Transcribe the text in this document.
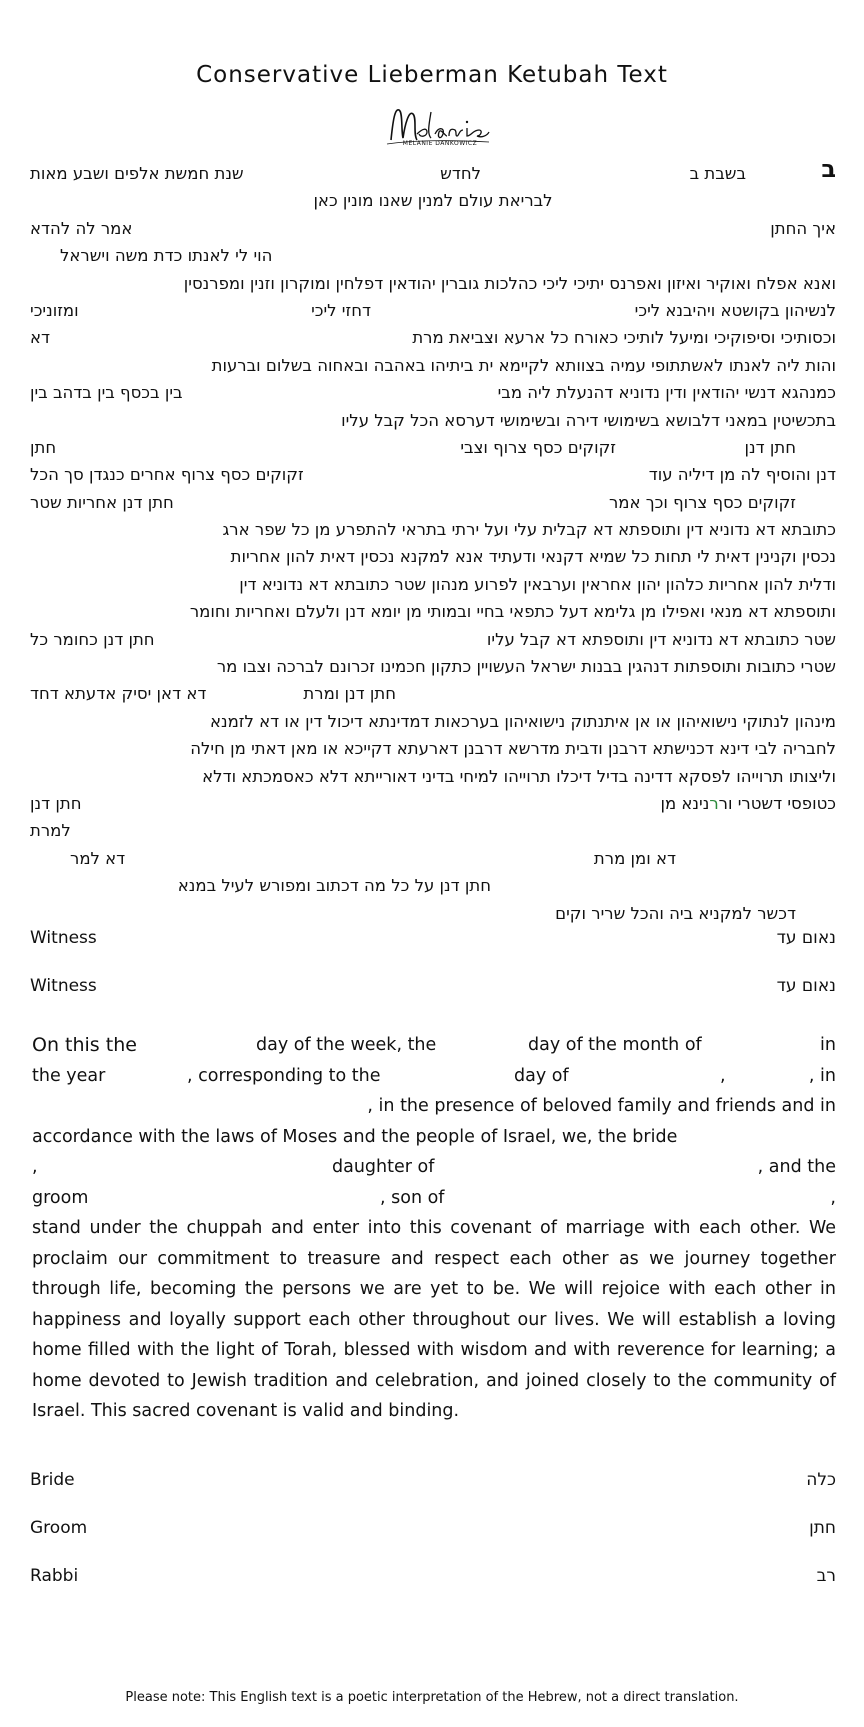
Conservative Lieberman Ketubah Text
MELANIE DANKOWICZ
ב
בשבת ב
לחדש
שנת חמשת אלפים ושבע מאות
לבריאת עולם למנין שאנו מונין כאן
איך החתן
אמר לה להדא
הוי לי לאנתו כדת משה וישראל
ואנא אפלח ואוקיר ואיזון ואפרנס יתיכי ליכי כהלכות גוברין יהודאין דפלחין ומוקרון וזנין ומפרנסין
לנשיהון בקושטא ויהיבנא ליכי
דחזי ליכי
ומזוניכי
וכסותיכי וסיפוקיכי ומיעל לותיכי כאורח כל ארעא וצביאת מרת
דא
והות ליה לאנתו לאשתתופי עמיה בצוותא לקיימא ית ביתיהו באהבה ובאחוה בשלום וברעות
כמנהגא דנשי יהודאין ודין נדוניא דהנעלת ליה מבי
בין בכסף בין בדהב בין
בתכשיטין במאני דלבושא בשימושי דירה ובשימושי דערסא הכל קבל עליו
חתן דנן
זקוקים כסף צרוף וצבי
חתן
דנן והוסיף לה מן דיליה עוד
זקוקים כסף צרוף אחרים כנגדן סך הכל
זקוקים כסף צרוף וכך אמר
חתן דנן אחריות שטר
כתובתא דא נדוניא דין ותוספתא דא קבלית עלי ועל ירתי בתראי להתפרע מן כל שפר ארג
נכסין וקנינין דאית לי תחות כל שמיא דקנאי ודעתיד אנא למקנא נכסין דאית להון אחריות
ודלית להון אחריות כלהון יהון אחראין וערבאין לפרוע מנהון שטר כתובתא דא נדוניא דין
ותוספתא דא מנאי ואפילו מן גלימא דעל כתפאי בחיי ובמותי מן יומא דנן ולעלם ואחריות וחומר
שטר כתובתא דא נדוניא דין ותוספתא דא קבל עליו
חתן דנן כחומר כל
שטרי כתובות ותוספתות דנהגין בבנות ישראל העשויין כתקון חכמינו זכרונם לברכה וצבו מר
חתן דנן ומרת
דא דאן יסיק אדעתא דחד
מינהון לנתוקי נישואיהון או אן איתנתוק נישואיהון בערכאות דמדינתא דיכול דין או דא לזמנא
לחבריה לבי דינא דכנישתא דרבנן ודבית מדרשא דרבנן דארעתא דקייכא או מאן דאתי מן חילה
וליצותו תרוייהו לפסקא דדינה בדיל דיכלו תרוייהו למיחי בדיני דאורייתא דלא כאסמכתא ודלא
כטופסי דשטרי וררנינא מן
חתן דנן
למרת
דא ומן מרת
דא למר
חתן דנן על כל מה דכתוב ומפורש לעיל במנא
דכשר למקניא ביה והכל שריר וקים
Witness	נאום עד
Witness	נאום עד
On this the	day of the week, the	day of the month of	in
the year	, corresponding to the	day of	,	, in
, in the presence of beloved family and friends and in
accordance with the laws of Moses and the people of Israel, we, the bride
,	daughter of	, and the
groom	, son of	,
stand under the chuppah and enter into this covenant of marriage with each other. We proclaim our commitment to treasure and respect each other as we journey together through life, becoming the persons we are yet to be. We will rejoice with each other in happiness and loyally support each other throughout our lives. We will establish a loving home filled with the light of Torah, blessed with wisdom and with reverence for learning; a home devoted to Jewish tradition and celebration, and joined closely to the community of Israel. This sacred covenant is valid and binding.
Bride	כלה
Groom	חתן
Rabbi	רב
Please note: This English text is a poetic interpretation of the Hebrew, not a direct translation.
